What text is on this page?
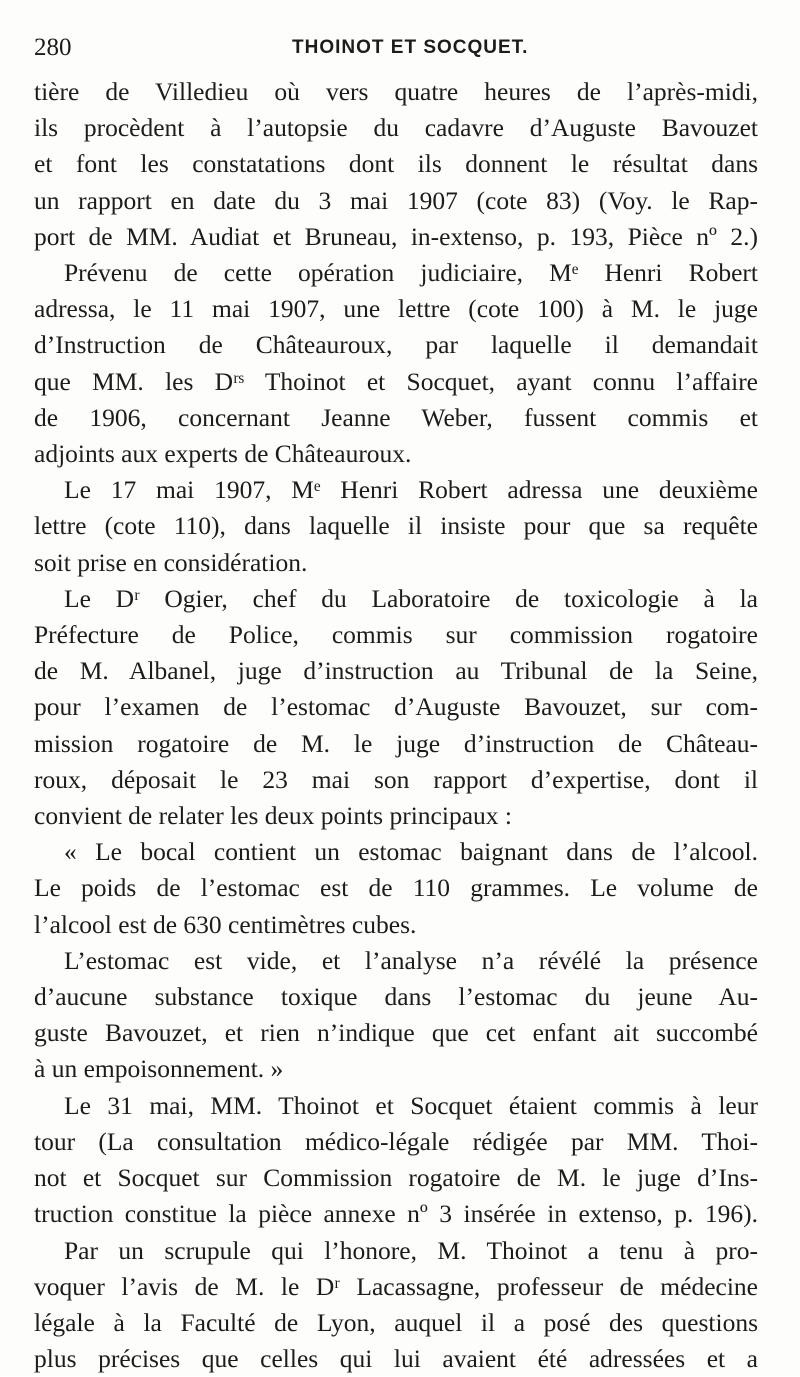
280	THOINOT ET SOCQUET.
tière de Villedieu où vers quatre heures de l’après-midi,
ils procèdent à l’autopsie du cadavre d’Auguste Bavouzet
et font les constatations dont ils donnent le résultat dans
un rapport en date du 3 mai 1907 (cote 83) (Voy. le Rap-
port de MM. Audiat et Bruneau, in-extenso, p. 193, Pièce nº 2.)
Prévenu de cette opération judiciaire, Mᵉ Henri Robert
adressa, le 11 mai 1907, une lettre (cote 100) à M. le juge
d’Instruction de Châteauroux, par laquelle il demandait
que MM. les Dʳˢ Thoinot et Socquet, ayant connu l’affaire
de 1906, concernant Jeanne Weber, fussent commis et
adjoints aux experts de Châteauroux.
Le 17 mai 1907, Mᵉ Henri Robert adressa une deuxième
lettre (cote 110), dans laquelle il insiste pour que sa requête
soit prise en considération.
Le Dʳ Ogier, chef du Laboratoire de toxicologie à la
Préfecture de Police, commis sur commission rogatoire
de M. Albanel, juge d’instruction au Tribunal de la Seine,
pour l’examen de l’estomac d’Auguste Bavouzet, sur com-
mission rogatoire de M. le juge d’instruction de Château-
roux, déposait le 23 mai son rapport d’expertise, dont il
convient de relater les deux points principaux :
« Le bocal contient un estomac baignant dans de l’alcool.
Le poids de l’estomac est de 110 grammes. Le volume de
l’alcool est de 630 centimètres cubes.
L’estomac est vide, et l’analyse n’a révélé la présence
d’aucune substance toxique dans l’estomac du jeune Au-
guste Bavouzet, et rien n’indique que cet enfant ait succombé
à un empoisonnement. »
Le 31 mai, MM. Thoinot et Socquet étaient commis à leur
tour (La consultation médico-légale rédigée par MM. Thoi-
not et Socquet sur Commission rogatoire de M. le juge d’Ins-
truction constitue la pièce annexe nº 3 insérée in extenso, p. 196).
Par un scrupule qui l’honore, M. Thoinot a tenu à pro-
voquer l’avis de M. le Dʳ Lacassagne, professeur de médecine
légale à la Faculté de Lyon, auquel il a posé des questions
plus précises que celles qui lui avaient été adressées et a
